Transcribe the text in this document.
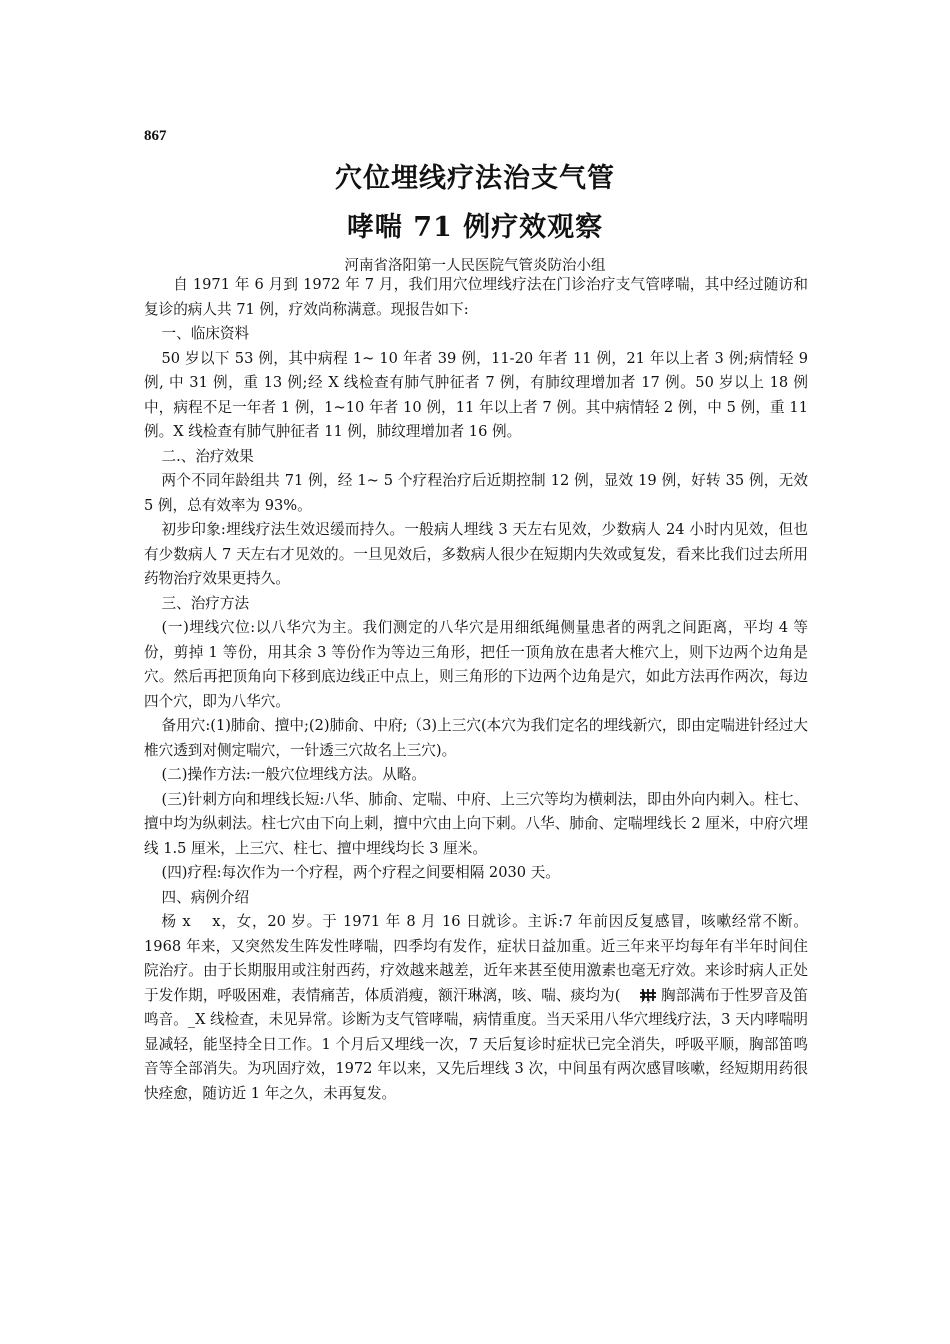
867
穴位埋线疗法治支气管
哮喘 71 例疗效观察
河南省洛阳第一人民医院气管炎防治小组

自 1971 年 6 月到 1972 年 7 月，我们用穴位埋线疗法在门诊治疗支气管哮喘，其中经过随访和复诊的病人共 71 例，疗效尚称满意。现报告如下:

一、临床资料

50 岁以下 53 例，其中病程 1~ 10 年者 39 例，11-20 年者 11 例，21 年以上者 3 例;病情轻 9 例, 中 31 例，重 13 例;经 X 线检查有肺气肿征者 7 例，有肺纹理增加者 17 例。50 岁以上 18 例中，病程不足一年者 1 例，1~10 年者 10 例，11 年以上者 7 例。其中病情轻 2 例，中 5 例，重 11 例。X 线检查有肺气肿征者 11 例，肺纹理增加者 16 例。

二.、治疗效果

两个不同年龄组共 71 例，经 1~ 5 个疗程治疗后近期控制 12 例，显效 19 例，好转 35 例，无效 5 例，总有效率为 93%。

初步印象:埋线疗法生效迟缓而持久。一般病人埋线 3 天左右见效，少数病人 24 小时内见效，但也有少数病人 7 天左右才见效的。一旦见效后，多数病人很少在短期内失效或复发，看来比我们过去所用药物治疗效果更持久。

三、治疗方法

(一)埋线穴位:以八华穴为主。我们测定的八华穴是用细纸绳侧量患者的两乳之间距离，平均 4 等份，剪掉 1 等份，用其余 3 等份作为等边三角形，把任一顶角放在患者大椎穴上，则下边两个边角是穴。然后再把顶角向下移到底边线正中点上，则三角形的下边两个边角是穴，如此方法再作两次，每边四个穴，即为八华穴。

备用穴:(1)肺俞、擅中;(2)肺俞、中府;（3)上三穴(本穴为我们定名的埋线新穴，即由定喘进针经过大椎穴透到对侧定喘穴，一针透三穴故名上三穴)。

(二)操作方法:一般穴位埋线方法。从略。

(三)针刺方向和埋线长短:八华、肺俞、定喘、中府、上三穴等均为横刺法，即由外向内刺入。柱七、擅中均为纵刺法。柱七穴由下向上刺，擅中穴由上向下刺。八华、肺俞、定喘埋线长 2 厘米，中府穴埋线 1.5 厘米，上三穴、柱七、擅中埋线均长 3 厘米。

(四)疗程:每次作为一个疗程，两个疗程之间要相隔 2030 天。

四、病例介绍

杨 x　 x，女，20 岁。于 1971 年 8 月 16 日就诊。主诉:7 年前因反复感冒，咳嗽经常不断。1968 年来，又突然发生阵发性哮喘，四季均有发作，症状日益加重。近三年来平均每年有半年时间住院治疗。由于长期服用或注射西药，疗效越来越差，近年来甚至使用激素也毫无疗效。来诊时病人正处于发作期，呼吸困难，表情痛苦，体质消瘦，额汗琳漓，咳、喘、痰均为( )，胸部满布于性罗音及笛鸣音。_X 线检查，未见异常。诊断为支气管哮喘，病情重度。当天采用八华穴埋线疗法，3 天内哮喘明显减轻，能坚持全日工作。1 个月后又埋线一次，7 天后复诊时症状已完全消失，呼吸平顺，胸部笛鸣音等全部消失。为巩固疗效，1972 年以来，又先后埋线 3 次，中间虽有两次感冒咳嗽，经短期用药很快痊愈，随访近 1 年之久，未再复发。
